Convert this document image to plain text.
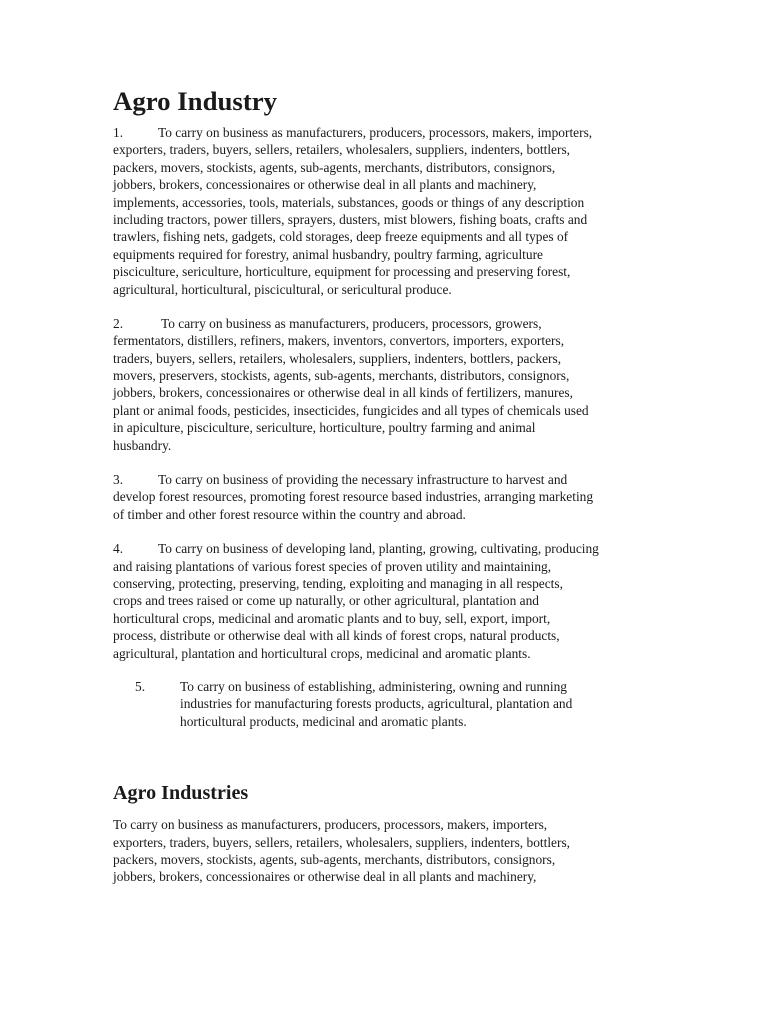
Agro Industry
1.	To carry on business as manufacturers, producers, processors, makers, importers,
exporters, traders, buyers, sellers, retailers, wholesalers, suppliers, indenters, bottlers,
packers, movers, stockists, agents, sub-agents, merchants, distributors, consignors,
jobbers, brokers, concessionaires or otherwise deal in all plants and machinery,
implements, accessories, tools, materials, substances, goods or things of any description
including tractors, power tillers, sprayers, dusters, mist blowers, fishing boats, crafts and
trawlers, fishing nets, gadgets, cold storages, deep freeze equipments and all types of
equipments required for forestry, animal husbandry, poultry farming, agriculture
pisciculture, sericulture, horticulture, equipment for processing and preserving forest,
agricultural, horticultural, piscicultural, or sericultural produce.
2.	To carry on business as manufacturers, producers, processors, growers,
fermentators, distillers, refiners, makers, inventors, convertors, importers, exporters,
traders, buyers, sellers, retailers, wholesalers, suppliers, indenters, bottlers, packers,
movers, preservers, stockists, agents, sub-agents, merchants, distributors, consignors,
jobbers, brokers, concessionaires or otherwise deal in all kinds of fertilizers, manures,
plant or animal foods, pesticides, insecticides, fungicides and all types of chemicals used
in apiculture, pisciculture, sericulture, horticulture, poultry farming and animal
husbandry.
3.	To carry on business of providing the necessary infrastructure to harvest and
develop forest resources, promoting forest resource based industries, arranging marketing
of timber and other forest resource within the country and abroad.
4.	To carry on business of developing land, planting, growing, cultivating, producing
and raising plantations of various forest species of proven utility and maintaining,
conserving, protecting, preserving, tending, exploiting and managing in all respects,
crops and trees raised or come up naturally, or other agricultural, plantation and
horticultural crops, medicinal and aromatic plants and to buy, sell, export, import,
process, distribute or otherwise deal with all kinds of forest crops, natural products,
agricultural, plantation and horticultural crops, medicinal and aromatic plants.
5.	To carry on business of establishing, administering, owning and running
industries for manufacturing forests products, agricultural, plantation and
horticultural products, medicinal and aromatic plants.
Agro Industries
To carry on business as manufacturers, producers, processors, makers, importers,
exporters, traders, buyers, sellers, retailers, wholesalers, suppliers, indenters, bottlers,
packers, movers, stockists, agents, sub-agents, merchants, distributors, consignors,
jobbers, brokers, concessionaires or otherwise deal in all plants and machinery,
